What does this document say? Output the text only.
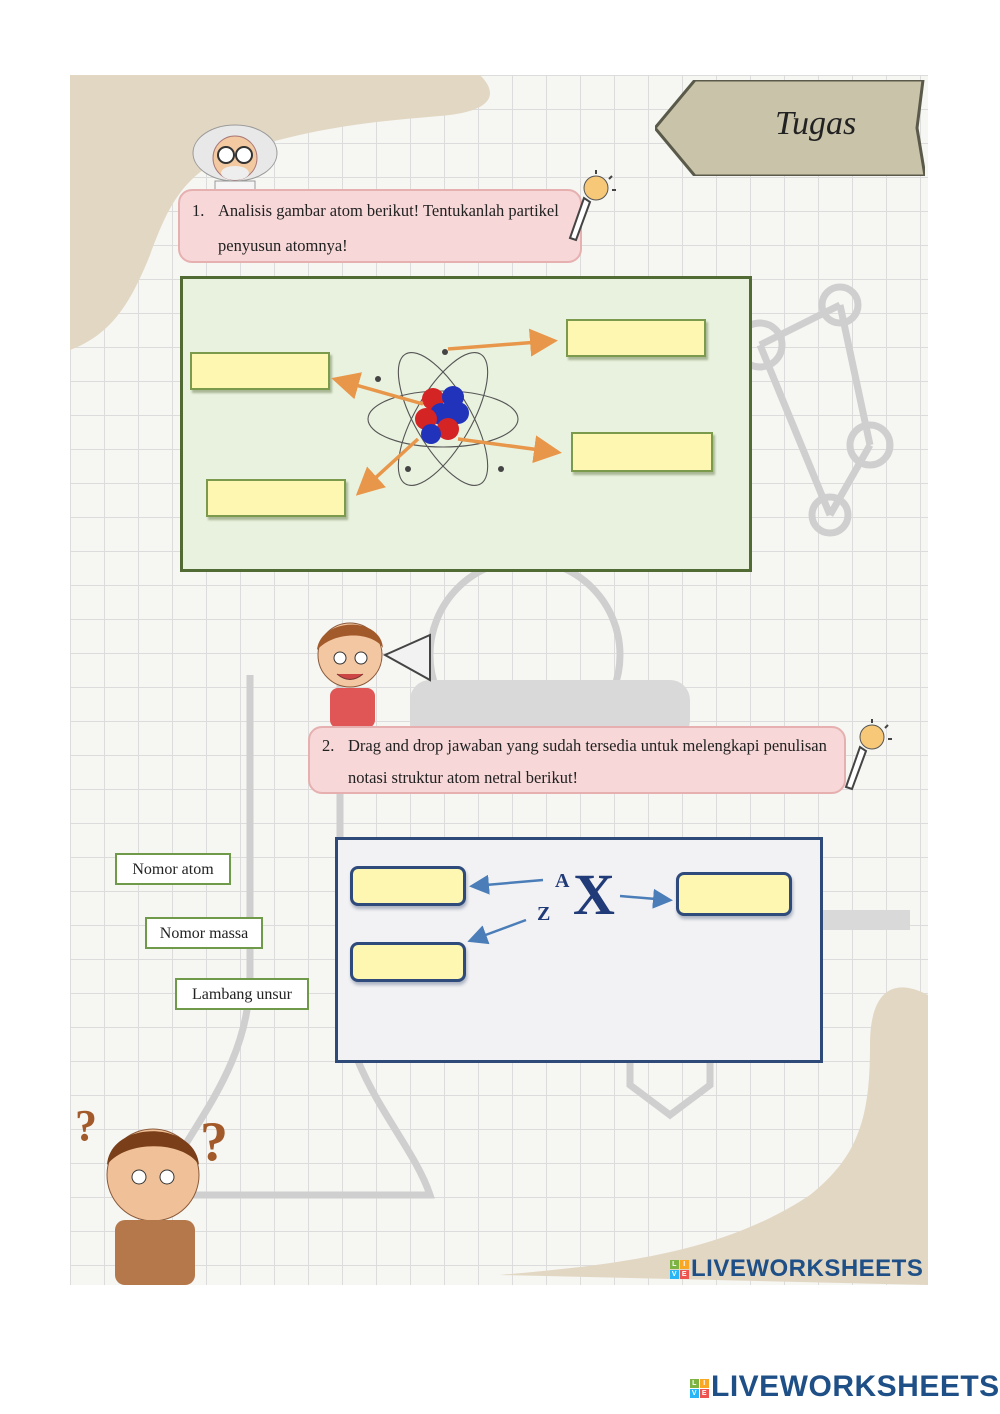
Tugas
1. Analisis gambar atom berikut! Tentukanlah partikel
penyusun atomnya!
2. Drag and drop jawaban yang sudah tersedia untuk melengkapi penulisan
notasi struktur atom netral berikut!
Nomor atom
Nomor massa
Lambang unsur
A
Z X
? ?
L I
V E LIVEWORKSHEETS
L I
V E LIVEWORKSHEETS
